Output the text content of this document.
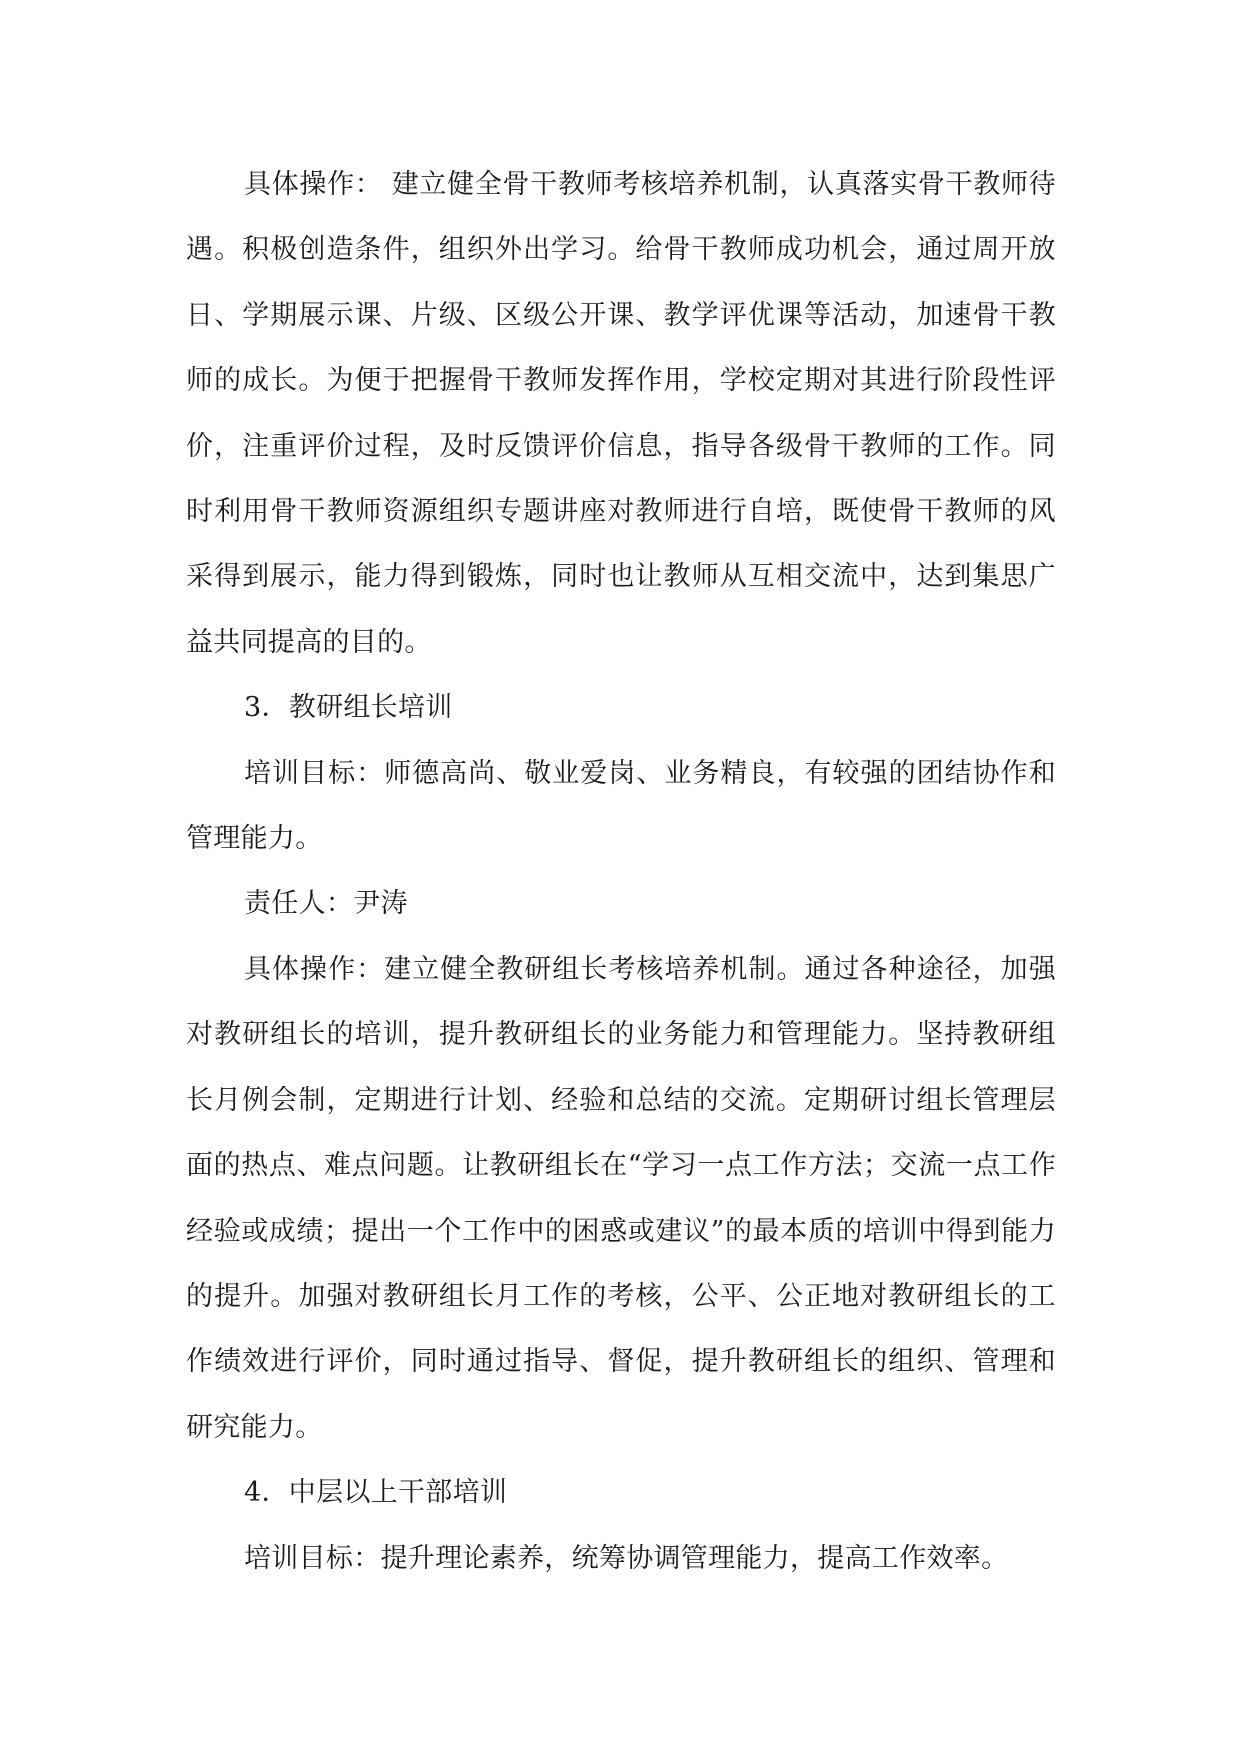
具体操作： 建立健全骨干教师考核培养机制，认真落实骨干教师待遇。积极创造条件，组织外出学习。给骨干教师成功机会，通过周开放日、学期展示课、片级、区级公开课、教学评优课等活动，加速骨干教师的成长。为便于把握骨干教师发挥作用，学校定期对其进行阶段性评价，注重评价过程，及时反馈评价信息，指导各级骨干教师的工作。同时利用骨干教师资源组织专题讲座对教师进行自培，既使骨干教师的风采得到展示，能力得到锻炼，同时也让教师从互相交流中，达到集思广益共同提高的目的。

3．教研组长培训

培训目标：师德高尚、敬业爱岗、业务精良，有较强的团结协作和管理能力。

责任人：尹涛

具体操作：建立健全教研组长考核培养机制。通过各种途径，加强对教研组长的培训，提升教研组长的业务能力和管理能力。坚持教研组长月例会制，定期进行计划、经验和总结的交流。定期研讨组长管理层面的热点、难点问题。让教研组长在“学习一点工作方法；交流一点工作经验或成绩；提出一个工作中的困惑或建议”的最本质的培训中得到能力的提升。加强对教研组长月工作的考核，公平、公正地对教研组长的工作绩效进行评价，同时通过指导、督促，提升教研组长的组织、管理和研究能力。

4．中层以上干部培训

培训目标：提升理论素养，统筹协调管理能力，提高工作效率。
